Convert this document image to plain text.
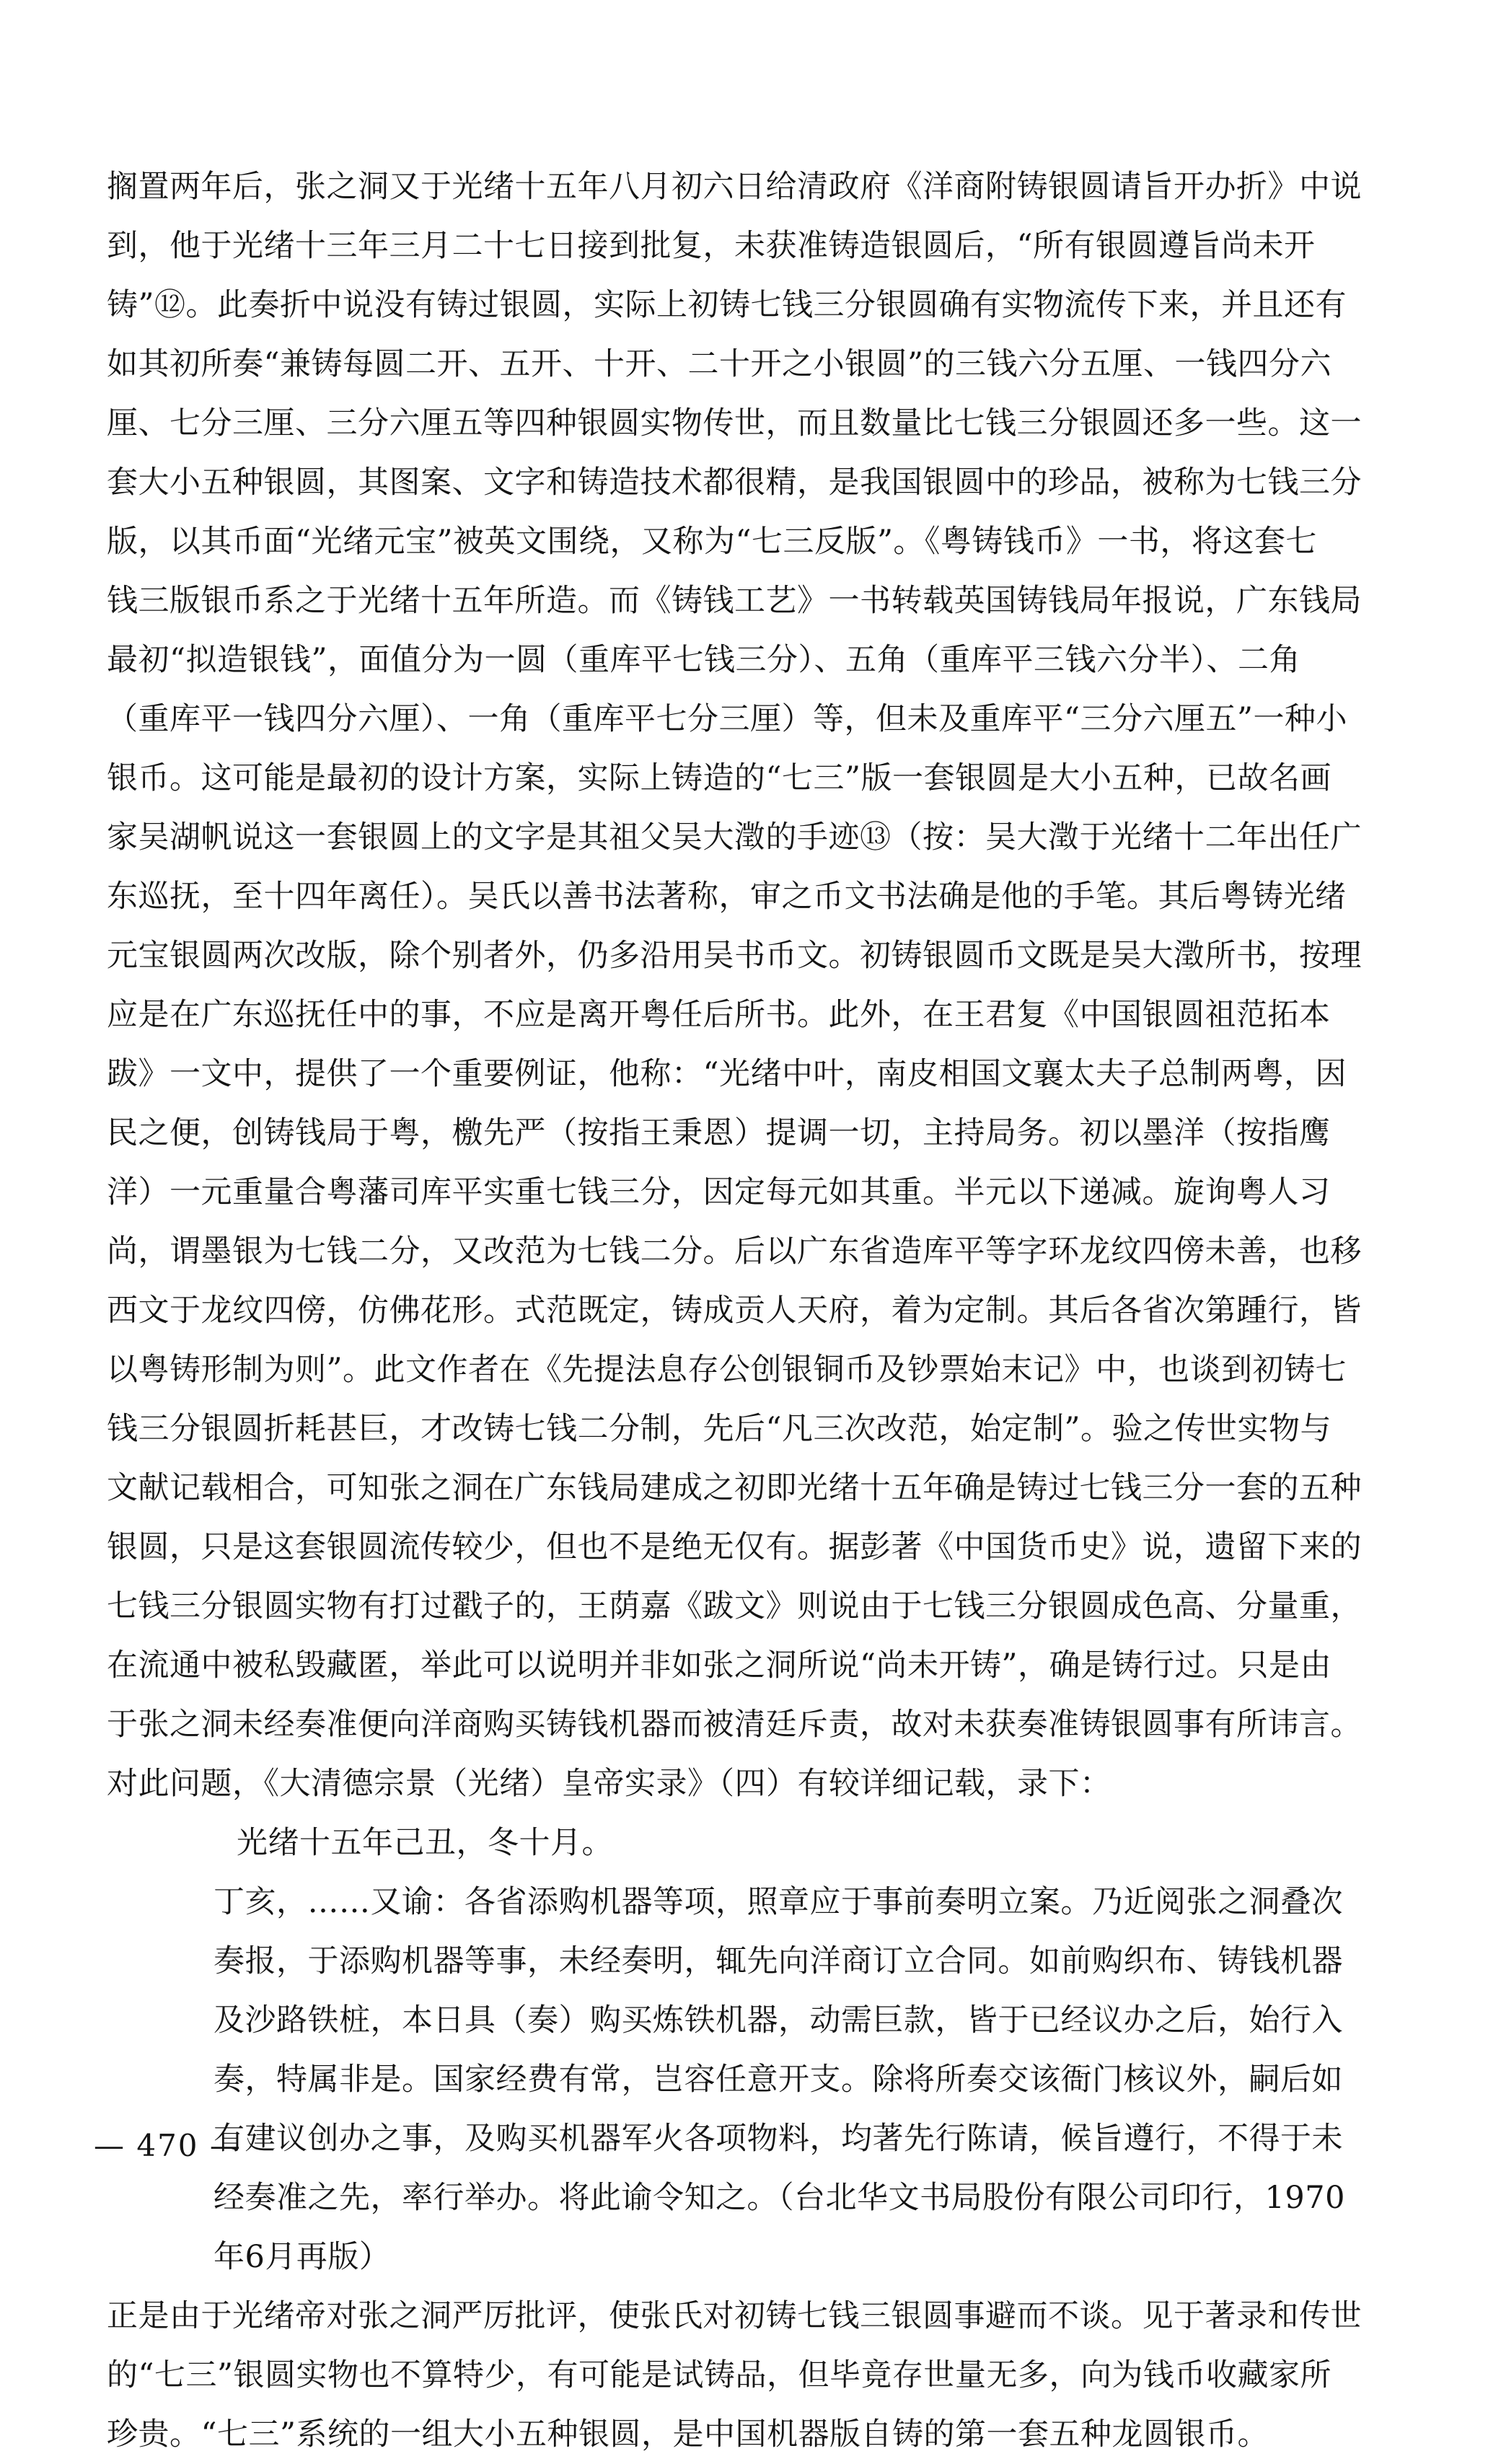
搁置两年后，张之洞又于光绪十五年八月初六日给清政府《洋商附铸银圆请旨开办折》中说
到，他于光绪十三年三月二十七日接到批复，未获准铸造银圆后，“所有银圆遵旨尚未开
铸”⑫。此奏折中说没有铸过银圆，实际上初铸七钱三分银圆确有实物流传下来，并且还有
如其初所奏“兼铸每圆二开、五开、十开、二十开之小银圆”的三钱六分五厘、一钱四分六
厘、七分三厘、三分六厘五等四种银圆实物传世，而且数量比七钱三分银圆还多一些。这一
套大小五种银圆，其图案、文字和铸造技术都很精，是我国银圆中的珍品，被称为七钱三分
版，以其币面“光绪元宝”被英文围绕，又称为“七三反版”。《粤铸钱币》一书，将这套七
钱三版银币系之于光绪十五年所造。而《铸钱工艺》一书转载英国铸钱局年报说，广东钱局
最初“拟造银钱”，面值分为一圆（重库平七钱三分）、五角（重库平三钱六分半）、二角
（重库平一钱四分六厘）、一角（重库平七分三厘）等，但未及重库平“三分六厘五”一种小
银币。这可能是最初的设计方案，实际上铸造的“七三”版一套银圆是大小五种，已故名画
家吴湖帆说这一套银圆上的文字是其祖父吴大澂的手迹⑬（按：吴大澂于光绪十二年出任广
东巡抚，至十四年离任）。吴氏以善书法著称，审之币文书法确是他的手笔。其后粤铸光绪
元宝银圆两次改版，除个别者外，仍多沿用吴书币文。初铸银圆币文既是吴大澂所书，按理
应是在广东巡抚任中的事，不应是离开粤任后所书。此外，在王君复《中国银圆祖范拓本
跋》一文中，提供了一个重要例证，他称：“光绪中叶，南皮相国文襄太夫子总制两粤，因
民之便，创铸钱局于粤，檄先严（按指王秉恩）提调一切，主持局务。初以墨洋（按指鹰
洋）一元重量合粤藩司库平实重七钱三分，因定每元如其重。半元以下递减。旋询粤人习
尚，谓墨银为七钱二分，又改范为七钱二分。后以广东省造库平等字环龙纹四傍未善，也移
西文于龙纹四傍，仿佛花形。式范既定，铸成贡人天府，着为定制。其后各省次第踵行，皆
以粤铸形制为则”。此文作者在《先提法息存公创银铜币及钞票始末记》中，也谈到初铸七
钱三分银圆折耗甚巨，才改铸七钱二分制，先后“凡三次改范，始定制”。验之传世实物与
文献记载相合，可知张之洞在广东钱局建成之初即光绪十五年确是铸过七钱三分一套的五种
银圆，只是这套银圆流传较少，但也不是绝无仅有。据彭著《中国货币史》说，遗留下来的
七钱三分银圆实物有打过戳子的，王荫嘉《跋文》则说由于七钱三分银圆成色高、分量重，
在流通中被私毁藏匿，举此可以说明并非如张之洞所说“尚未开铸”，确是铸行过。只是由
于张之洞未经奏准便向洋商购买铸钱机器而被清廷斥责，故对未获奏准铸银圆事有所讳言。
对此问题，《大清德宗景（光绪）皇帝实录》（四）有较详细记载，录下：
光绪十五年己丑，冬十月。
丁亥，……又谕：各省添购机器等项，照章应于事前奏明立案。乃近阅张之洞叠次
奏报，于添购机器等事，未经奏明，辄先向洋商订立合同。如前购织布、铸钱机器
及沙路铁桩，本日具（奏）购买炼铁机器，动需巨款，皆于已经议办之后，始行入
奏，特属非是。国家经费有常，岂容任意开支。除将所奏交该衙门核议外，嗣后如
有建议创办之事，及购买机器军火各项物料，均著先行陈请，候旨遵行，不得于未
经奏准之先，率行举办。将此谕令知之。（台北华文书局股份有限公司印行，1970
年6月再版）
正是由于光绪帝对张之洞严厉批评，使张氏对初铸七钱三银圆事避而不谈。见于著录和传世
的“七三”银圆实物也不算特少，有可能是试铸品，但毕竟存世量无多，向为钱币收藏家所
珍贵。“七三”系统的一组大小五种银圆，是中国机器版自铸的第一套五种龙圆银币。
— 470 —
